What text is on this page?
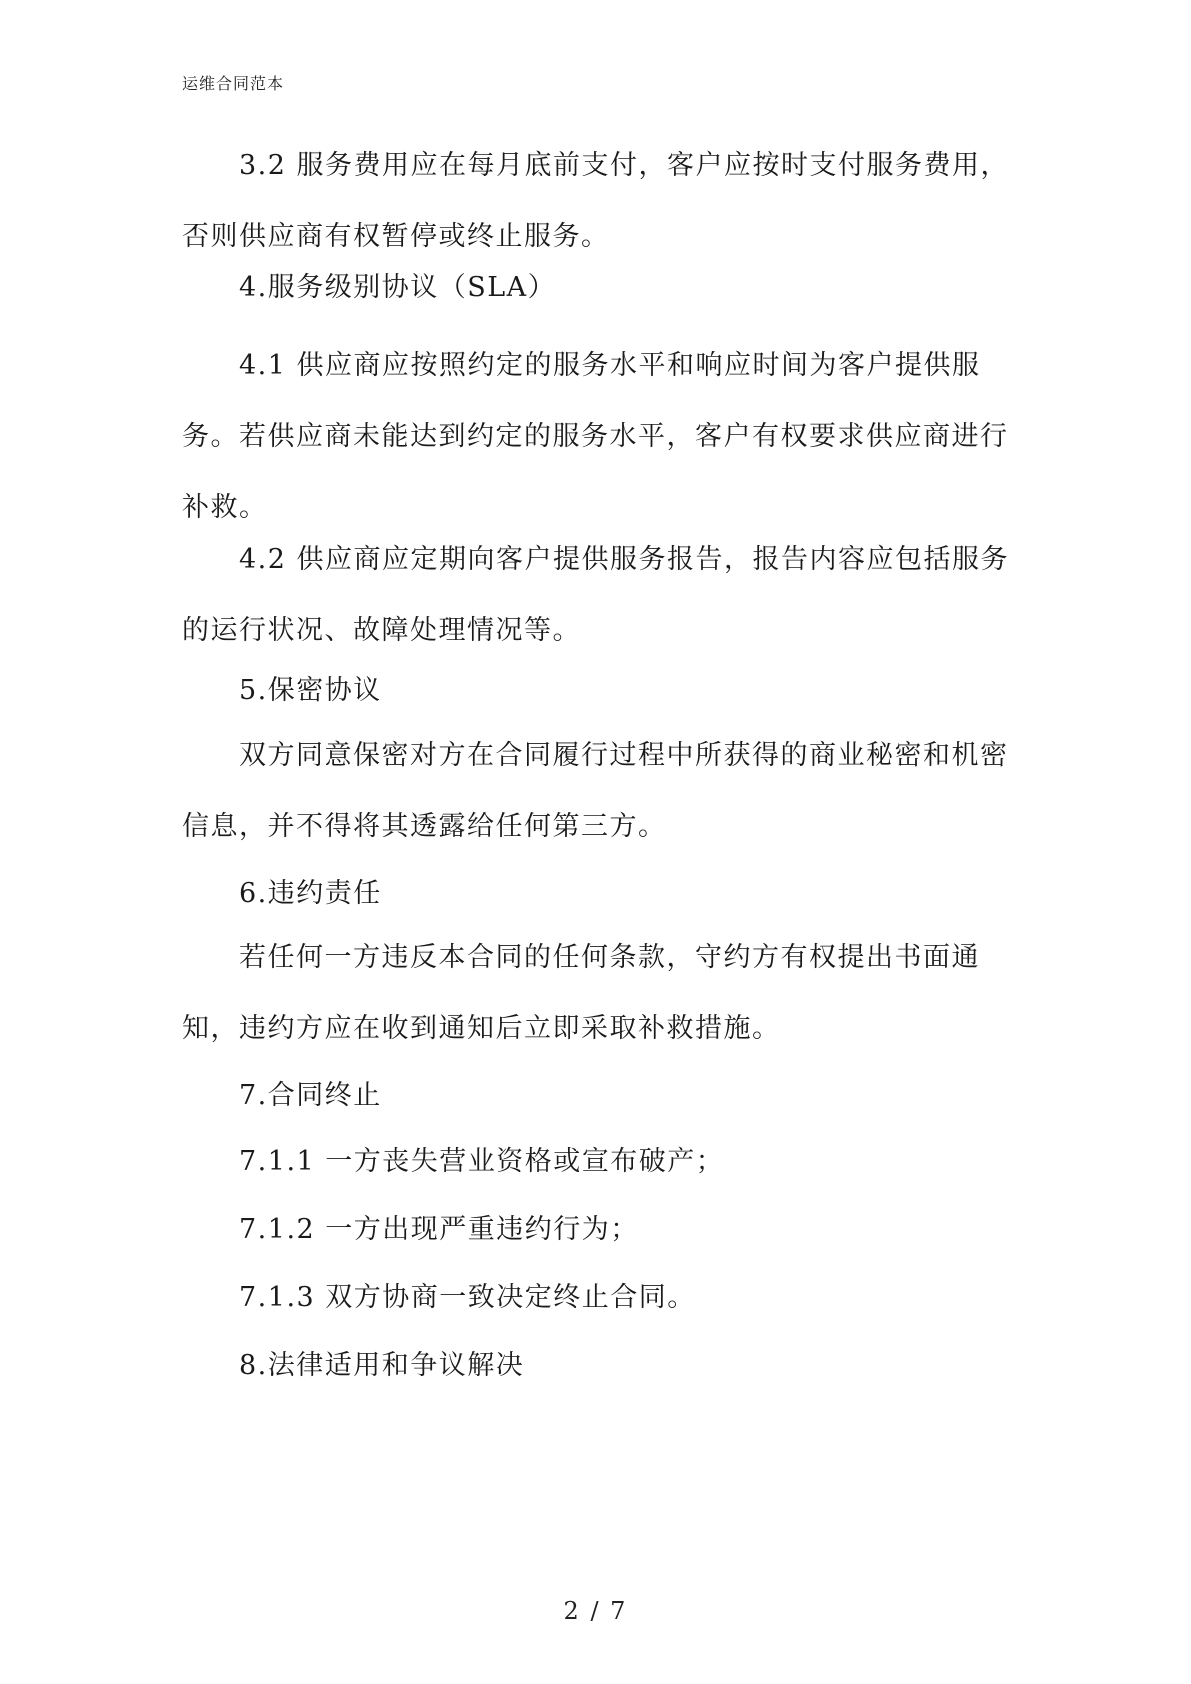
运维合同范本

3.2 服务费用应在每月底前支付，客户应按时支付服务费用，否则供应商有权暂停或终止服务。

4.服务级别协议（SLA）

4.1 供应商应按照约定的服务水平和响应时间为客户提供服务。若供应商未能达到约定的服务水平，客户有权要求供应商进行补救。

4.2 供应商应定期向客户提供服务报告，报告内容应包括服务的运行状况、故障处理情况等。

5.保密协议

双方同意保密对方在合同履行过程中所获得的商业秘密和机密信息，并不得将其透露给任何第三方。

6.违约责任

若任何一方违反本合同的任何条款，守约方有权提出书面通知，违约方应在收到通知后立即采取补救措施。

7.合同终止

7.1.1 一方丧失营业资格或宣布破产；

7.1.2 一方出现严重违约行为；

7.1.3 双方协商一致决定终止合同。

8.法律适用和争议解决

2 / 7
